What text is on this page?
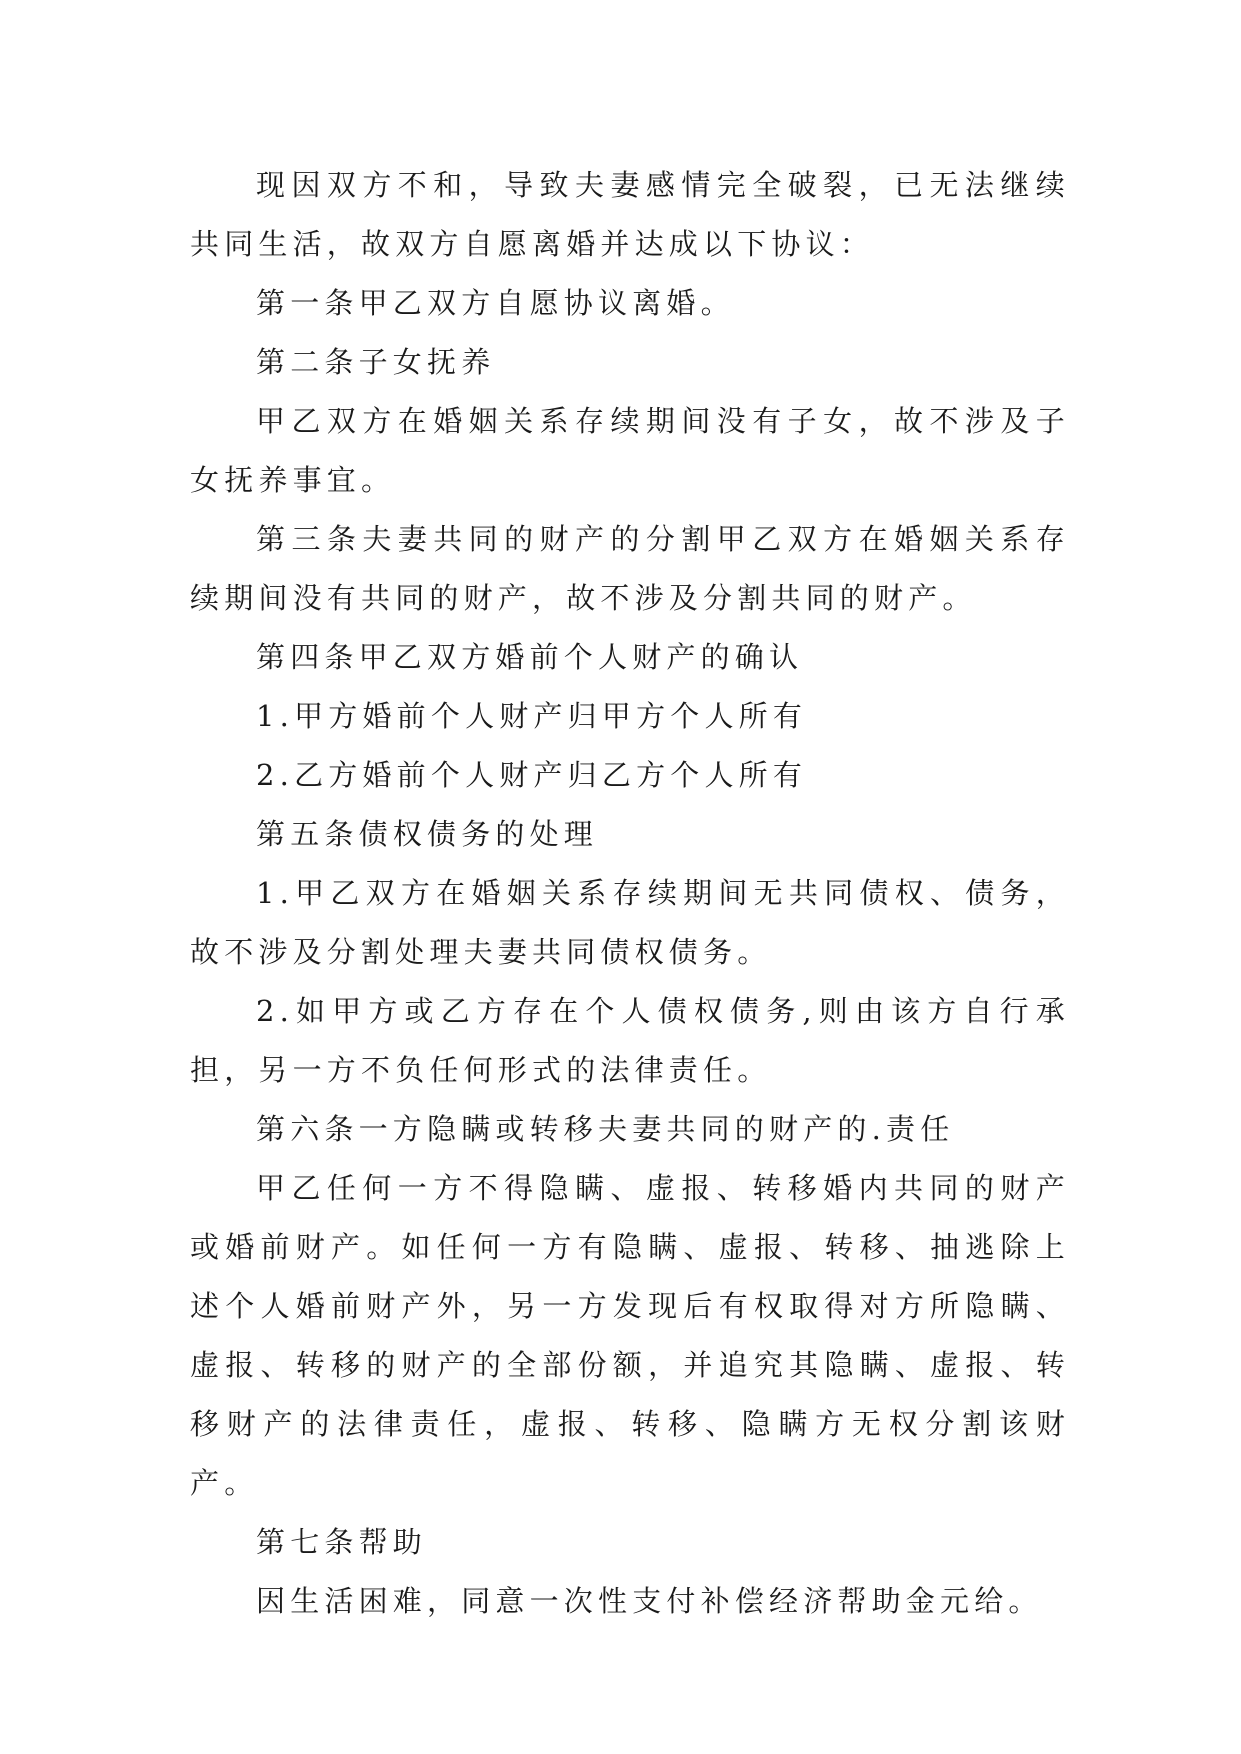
现因双方不和，导致夫妻感情完全破裂，已无法继续共同生活，故双方自愿离婚并达成以下协议：

第一条甲乙双方自愿协议离婚。

第二条子女抚养

甲乙双方在婚姻关系存续期间没有子女，故不涉及子女抚养事宜。

第三条夫妻共同的财产的分割甲乙双方在婚姻关系存续期间没有共同的财产，故不涉及分割共同的财产。

第四条甲乙双方婚前个人财产的确认

1.甲方婚前个人财产归甲方个人所有

2.乙方婚前个人财产归乙方个人所有

第五条债权债务的处理

1.甲乙双方在婚姻关系存续期间无共同债权、债务，故不涉及分割处理夫妻共同债权债务。

2.如甲方或乙方存在个人债权债务,则由该方自行承担，另一方不负任何形式的法律责任。

第六条一方隐瞒或转移夫妻共同的财产的.责任

甲乙任何一方不得隐瞒、虚报、转移婚内共同的财产或婚前财产。如任何一方有隐瞒、虚报、转移、抽逃除上述个人婚前财产外，另一方发现后有权取得对方所隐瞒、虚报、转移的财产的全部份额，并追究其隐瞒、虚报、转移财产的法律责任，虚报、转移、隐瞒方无权分割该财产。

第七条帮助

因生活困难，同意一次性支付补偿经济帮助金元给。
